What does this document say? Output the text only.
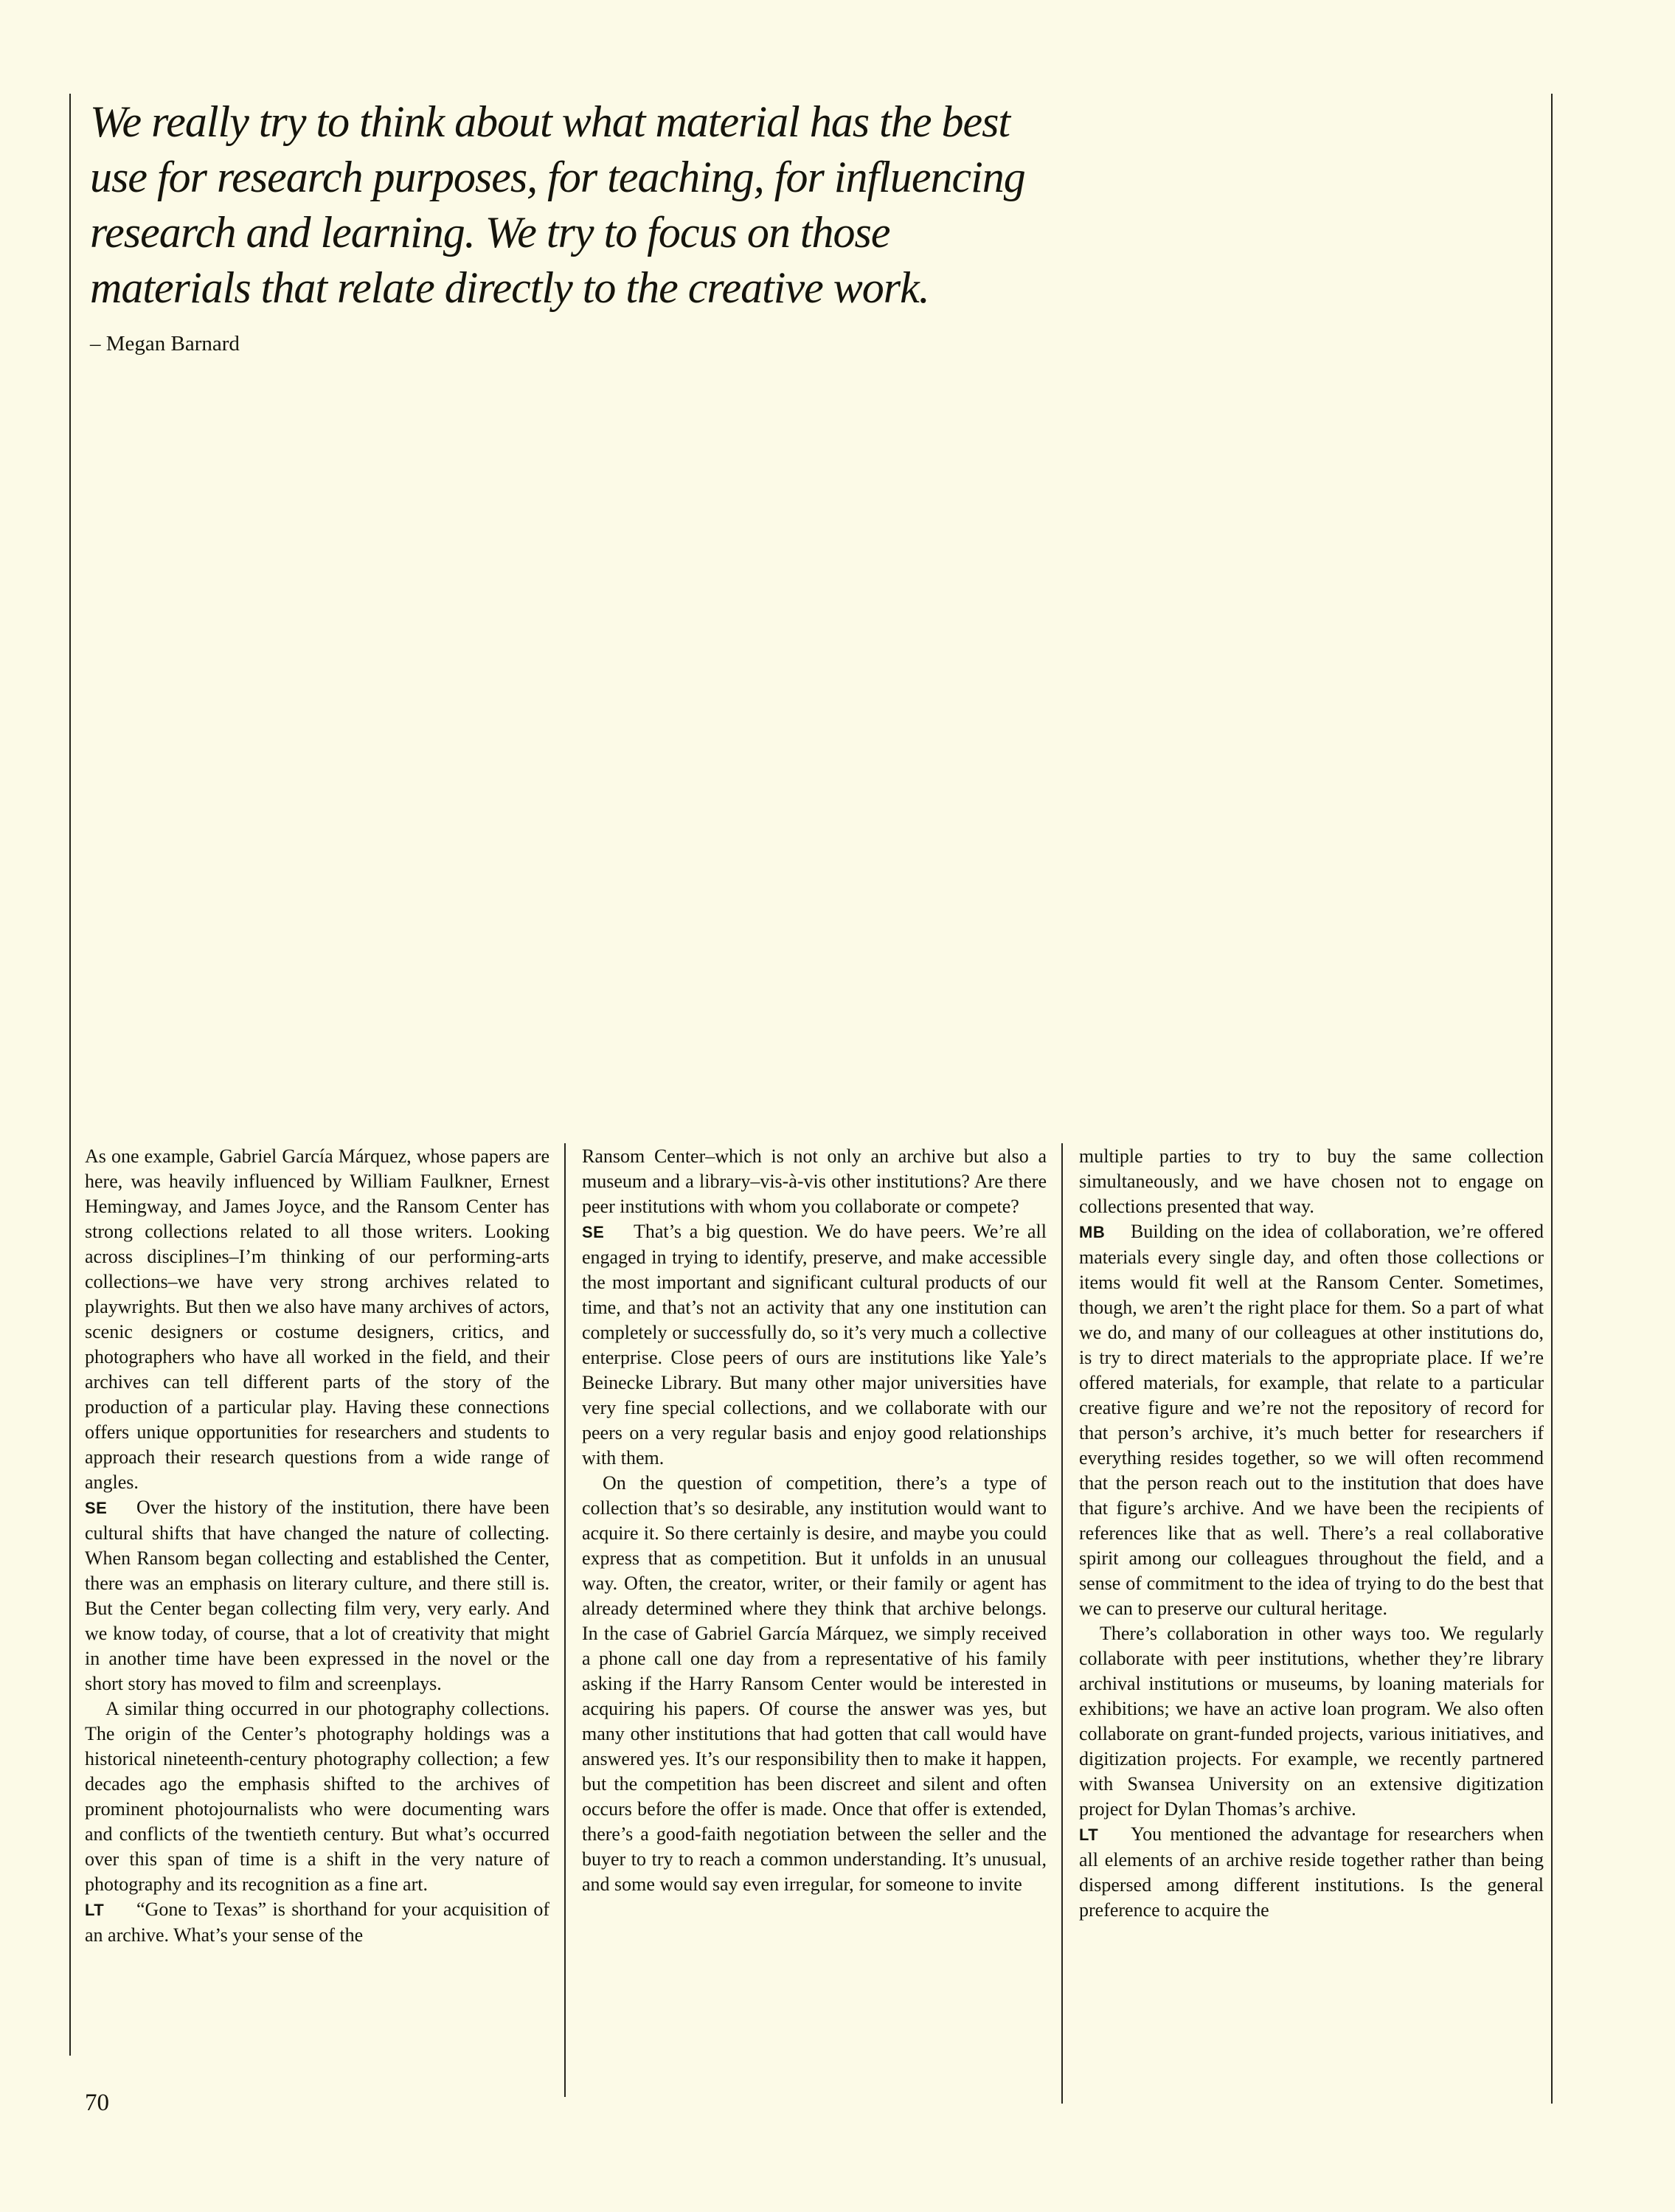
We really try to think about what material has the best
use for research purposes, for teaching, for influencing
research and learning. We try to focus on those
materials that relate directly to the creative work.
– Megan Barnard

As one example, Gabriel García Márquez, whose papers are here, was heavily influenced by William Faulkner, Ernest Hemingway, and James Joyce, and the Ransom Center has strong collections related to all those writers. Looking across disciplines–I’m thinking of our performing-arts collections–we have very strong archives related to playwrights. But then we also have many archives of actors, scenic designers or costume designers, critics, and photographers who have all worked in the field, and their archives can tell different parts of the story of the production of a particular play. Having these connections offers unique opportunities for researchers and students to approach their research questions from a wide range of angles.

SE Over the history of the institution, there have been cultural shifts that have changed the nature of collecting. When Ransom began collecting and established the Center, there was an emphasis on literary culture, and there still is. But the Center began collecting film very, very early. And we know today, of course, that a lot of creativity that might in another time have been expressed in the novel or the short story has moved to film and screenplays.

A similar thing occurred in our photography collections. The origin of the Center’s photography holdings was a historical nineteenth-century photography collection; a few decades ago the emphasis shifted to the archives of prominent photojournalists who were documenting wars and conflicts of the twentieth century. But what’s occurred over this span of time is a shift in the very nature of photography and its recognition as a fine art.

LT “Gone to Texas” is shorthand for your acquisition of an archive. What’s your sense of the

Ransom Center–which is not only an archive but also a museum and a library–vis-à-vis other institutions? Are there peer institutions with whom you collaborate or compete?

SE That’s a big question. We do have peers. We’re all engaged in trying to identify, preserve, and make accessible the most important and significant cultural products of our time, and that’s not an activity that any one institution can completely or successfully do, so it’s very much a collective enterprise. Close peers of ours are institutions like Yale’s Beinecke Library. But many other major universities have very fine special collections, and we collaborate with our peers on a very regular basis and enjoy good relationships with them.

On the question of competition, there’s a type of collection that’s so desirable, any institution would want to acquire it. So there certainly is desire, and maybe you could express that as competition. But it unfolds in an unusual way. Often, the creator, writer, or their family or agent has already determined where they think that archive belongs. In the case of Gabriel García Márquez, we simply received a phone call one day from a representative of his family asking if the Harry Ransom Center would be interested in acquiring his papers. Of course the answer was yes, but many other institutions that had gotten that call would have answered yes. It’s our responsibility then to make it happen, but the competition has been discreet and silent and often occurs before the offer is made. Once that offer is extended, there’s a good-faith negotiation between the seller and the buyer to try to reach a common understanding. It’s unusual, and some would say even irregular, for someone to invite

multiple parties to try to buy the same collection simultaneously, and we have chosen not to engage on collections presented that way.

MB Building on the idea of collaboration, we’re offered materials every single day, and often those collections or items would fit well at the Ransom Center. Sometimes, though, we aren’t the right place for them. So a part of what we do, and many of our colleagues at other institutions do, is try to direct materials to the appropriate place. If we’re offered materials, for example, that relate to a particular creative figure and we’re not the repository of record for that person’s archive, it’s much better for researchers if everything resides together, so we will often recommend that the person reach out to the institution that does have that figure’s archive. And we have been the recipients of references like that as well. There’s a real collaborative spirit among our colleagues throughout the field, and a sense of commitment to the idea of trying to do the best that we can to preserve our cultural heritage.

There’s collaboration in other ways too. We regularly collaborate with peer institutions, whether they’re library archival institutions or museums, by loaning materials for exhibitions; we have an active loan program. We also often collaborate on grant-funded projects, various initiatives, and digitization projects. For example, we recently partnered with Swansea University on an extensive digitization project for Dylan Thomas’s archive.

LT You mentioned the advantage for researchers when all elements of an archive reside together rather than being dispersed among different institutions. Is the general preference to acquire the

70
